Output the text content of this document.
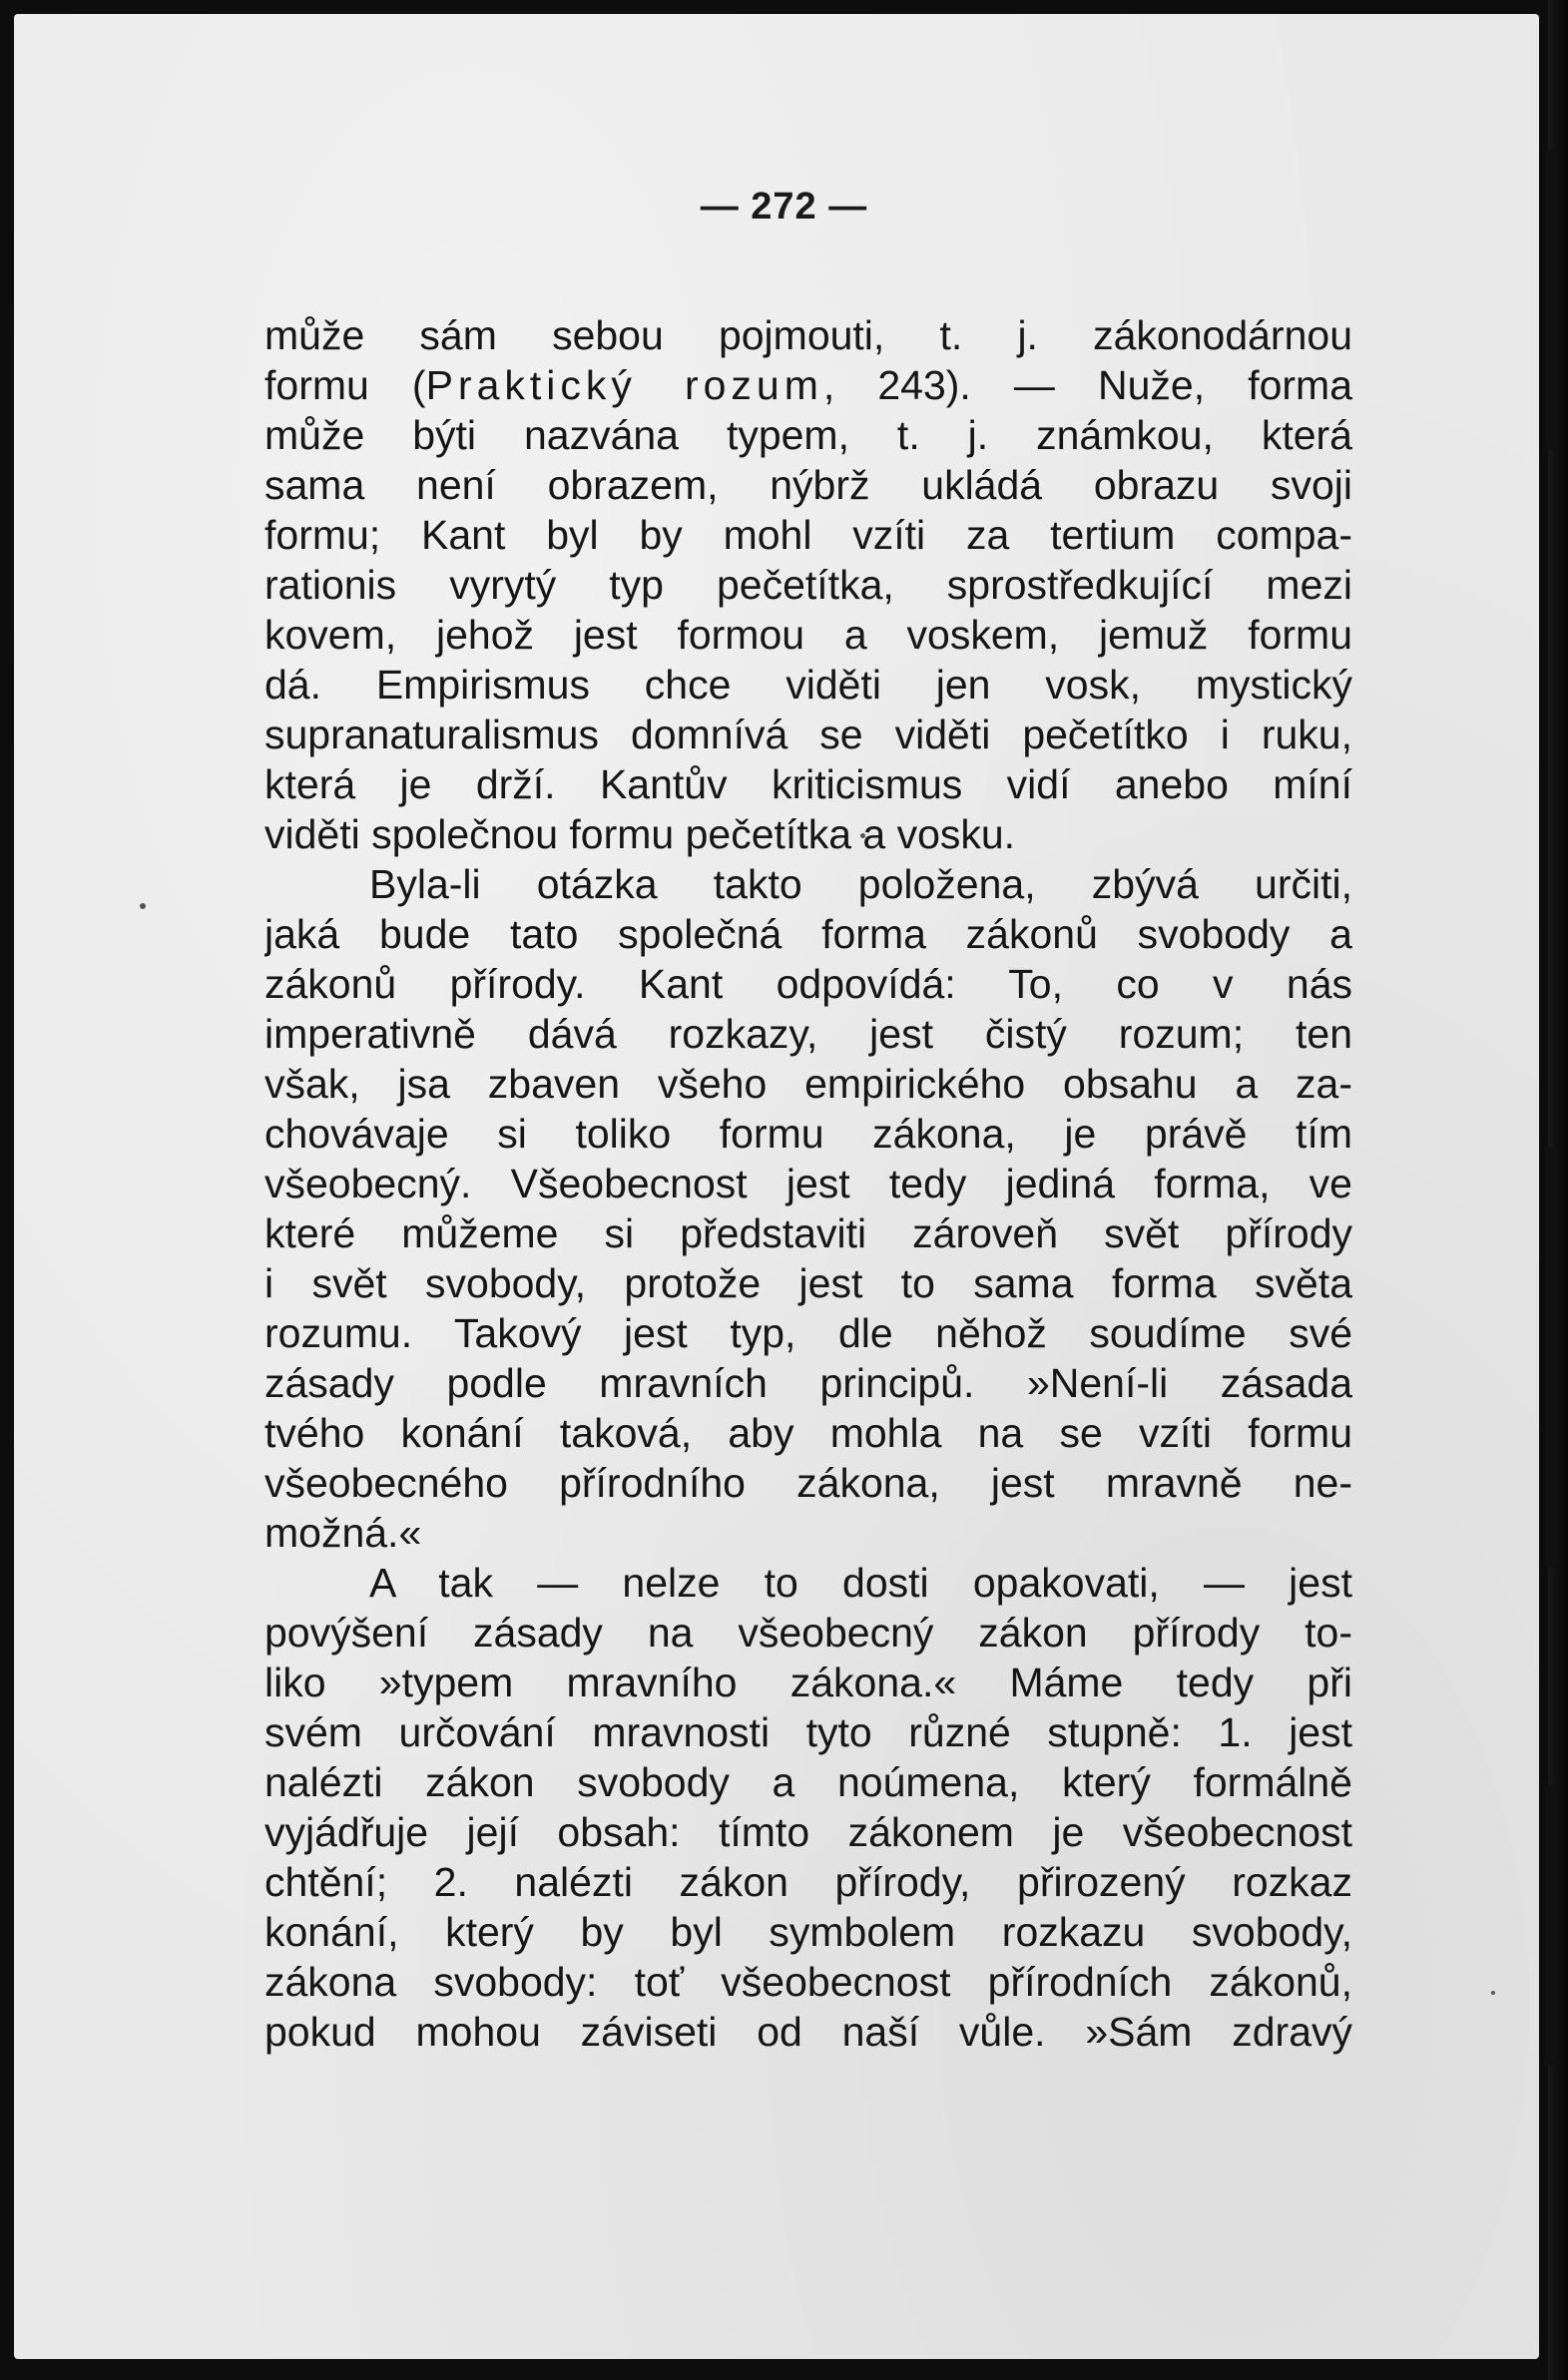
— 272 —
může sám sebou pojmouti, t. j. zákonodárnou
formu (Praktický rozum, 243). — Nuže, forma
může býti nazvána typem, t. j. známkou, která
sama není obrazem, nýbrž ukládá obrazu svoji
formu; Kant byl by mohl vzíti za tertium compa-
rationis vyrytý typ pečetítka, sprostředkující mezi
kovem, jehož jest formou a voskem, jemuž formu
dá. Empirismus chce viděti jen vosk, mystický
supranaturalismus domnívá se viděti pečetítko i ruku,
která je drží. Kantův kriticismus vidí anebo míní
viděti společnou formu pečetítka a vosku.
Byla-li otázka takto položena, zbývá určiti,
jaká bude tato společná forma zákonů svobody a
zákonů přírody. Kant odpovídá: To, co v nás
imperativně dává rozkazy, jest čistý rozum; ten
však, jsa zbaven všeho empirického obsahu a za-
chovávaje si toliko formu zákona, je právě tím
všeobecný. Všeobecnost jest tedy jediná forma, ve
které můžeme si představiti zároveň svět přírody
i svět svobody, protože jest to sama forma světa
rozumu. Takový jest typ, dle něhož soudíme své
zásady podle mravních principů. »Není-li zásada
tvého konání taková, aby mohla na se vzíti formu
všeobecného přírodního zákona, jest mravně ne-
možná.«
A tak — nelze to dosti opakovati, — jest
povýšení zásady na všeobecný zákon přírody to-
liko »typem mravního zákona.« Máme tedy při
svém určování mravnosti tyto různé stupně: 1. jest
nalézti zákon svobody a noúmena, který formálně
vyjádřuje její obsah: tímto zákonem je všeobecnost
chtění; 2. nalézti zákon přírody, přirozený rozkaz
konání, který by byl symbolem rozkazu svobody,
zákona svobody: toť všeobecnost přírodních zákonů,
pokud mohou záviseti od naší vůle. »Sám zdravý
